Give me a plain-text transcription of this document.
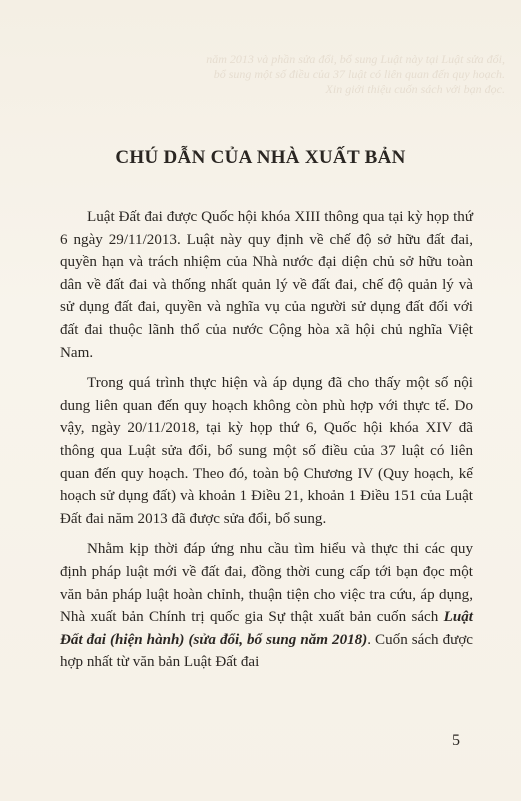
năm 2013 và phần sửa đổi, bổ sung Luật này tại Luật sửa đổi,
bổ sung một số điều của 37 luật có liên quan đến quy hoạch.
Xin giới thiệu cuốn sách với bạn đọc.
CHÚ DẪN CỦA NHÀ XUẤT BẢN

Luật Đất đai được Quốc hội khóa XIII thông qua tại kỳ họp thứ 6 ngày 29/11/2013. Luật này quy định về chế độ sở hữu đất đai, quyền hạn và trách nhiệm của Nhà nước đại diện chủ sở hữu toàn dân về đất đai và thống nhất quản lý về đất đai, chế độ quản lý và sử dụng đất đai, quyền và nghĩa vụ của người sử dụng đất đối với đất đai thuộc lãnh thổ của nước Cộng hòa xã hội chủ nghĩa Việt Nam.

Trong quá trình thực hiện và áp dụng đã cho thấy một số nội dung liên quan đến quy hoạch không còn phù hợp với thực tế. Do vậy, ngày 20/11/2018, tại kỳ họp thứ 6, Quốc hội khóa XIV đã thông qua Luật sửa đổi, bổ sung một số điều của 37 luật có liên quan đến quy hoạch. Theo đó, toàn bộ Chương IV (Quy hoạch, kế hoạch sử dụng đất) và khoản 1 Điều 21, khoản 1 Điều 151 của Luật Đất đai năm 2013 đã được sửa đổi, bổ sung.

Nhằm kịp thời đáp ứng nhu cầu tìm hiểu và thực thi các quy định pháp luật mới về đất đai, đồng thời cung cấp tới bạn đọc một văn bản pháp luật hoàn chỉnh, thuận tiện cho việc tra cứu, áp dụng, Nhà xuất bản Chính trị quốc gia Sự thật xuất bản cuốn sách Luật Đất đai (hiện hành) (sửa đổi, bổ sung năm 2018). Cuốn sách được hợp nhất từ văn bản Luật Đất đai

5
